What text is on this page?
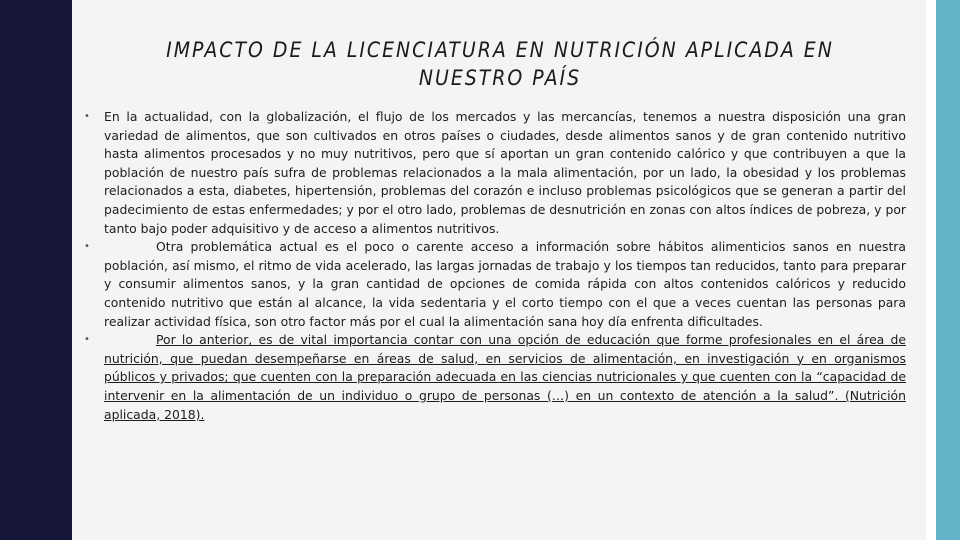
IMPACTO DE LA LICENCIATURA EN NUTRICIÓN APLICADA EN
NUESTRO PAÍS
• En la actualidad, con la globalización, el flujo de los mercados y las mercancías, tenemos a nuestra disposición una gran variedad de alimentos, que son cultivados en otros países o ciudades, desde alimentos sanos y de gran contenido nutritivo hasta alimentos procesados y no muy nutritivos, pero que sí aportan un gran contenido calórico y que contribuyen a que la población de nuestro país sufra de problemas relacionados a la mala alimentación, por un lado, la obesidad y los problemas relacionados a esta, diabetes, hipertensión, problemas del corazón e incluso problemas psicológicos que se generan a partir del padecimiento de estas enfermedades; y por el otro lado, problemas de desnutrición en zonas con altos índices de pobreza, y por tanto bajo poder adquisitivo y de acceso a alimentos nutritivos.

•	Otra problemática actual es el poco o carente acceso a información sobre hábitos alimenticios sanos en nuestra población, así mismo, el ritmo de vida acelerado, las largas jornadas de trabajo y los tiempos tan reducidos, tanto para preparar y consumir alimentos sanos, y la gran cantidad de opciones de comida rápida con altos contenidos calóricos y reducido contenido nutritivo que están al alcance, la vida sedentaria y el corto tiempo con el que a veces cuentan las personas para realizar actividad física, son otro factor más por el cual la alimentación sana hoy día enfrenta dificultades.

•	Por lo anterior, es de vital importancia contar con una opción de educación que forme profesionales en el área de nutrición, que puedan desempeñarse en áreas de salud, en servicios de alimentación, en investigación y en organismos públicos y privados; que cuenten con la preparación adecuada en las ciencias nutricionales y que cuenten con la “capacidad de intervenir en la alimentación de un individuo o grupo de personas (…) en un contexto de atención a la salud”. (Nutrición aplicada, 2018).
